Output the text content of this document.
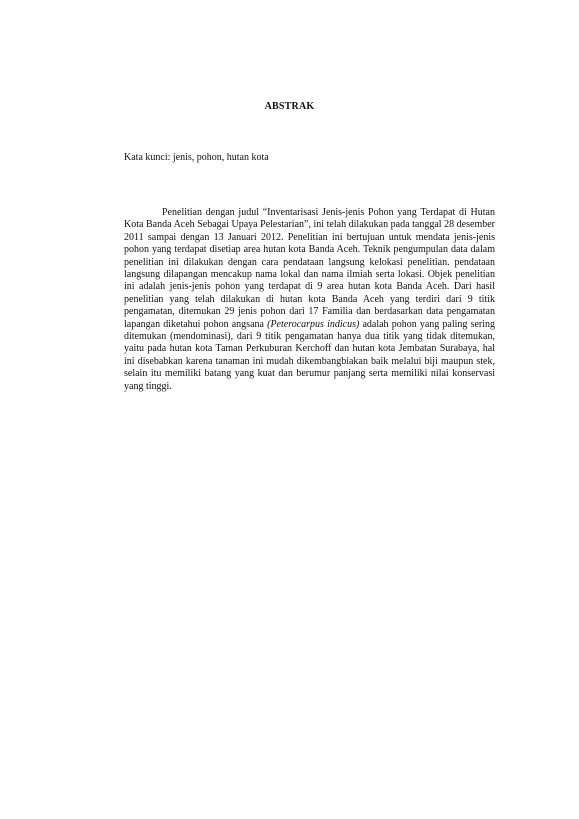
ABSTRAK
Kata kunci: jenis, pohon, hutan kota

Penelitian dengan judul “Inventarisasi Jenis-jenis Pohon yang Terdapat di Hutan Kota Banda Aceh Sebagai Upaya Pelestarian”, ini telah dilakukan pada tanggal 28 desember 2011 sampai dengan 13 Januari 2012. Penelitian ini bertujuan untuk mendata jenis-jenis pohon yang terdapat disetiap area hutan kota Banda Aceh. Teknik pengumpulan data dalam penelitian ini dilakukan dengan cara pendataan langsung kelokasi penelitian. pendataan langsung dilapangan mencakup nama lokal dan nama ilmiah serta lokasi. Objek penelitian ini adalah jenis-jenis pohon yang terdapat di 9 area hutan kota Banda Aceh. Dari hasil penelitian yang telah dilakukan di hutan kota Banda Aceh yang terdiri dari 9 titik pengamatan, ditemukan 29 jenis pohon dari 17 Familia dan berdasarkan data pengamatan lapangan diketahui pohon angsana (Peterocarpus indicus) adalah pohon yang paling sering ditemukan (mendominasi), dari 9 titik pengamatan hanya dua titik yang tidak ditemukan, yaitu pada hutan kota Taman Perkuburan Kerchoff dan hutan kota Jembatan Surabaya, hal ini disebabkan karena tanaman ini mudah dikembangbiakan baik melalui biji maupun stek, selain itu memiliki batang yang kuat dan berumur panjang serta memiliki nilai konservasi yang tinggi.
